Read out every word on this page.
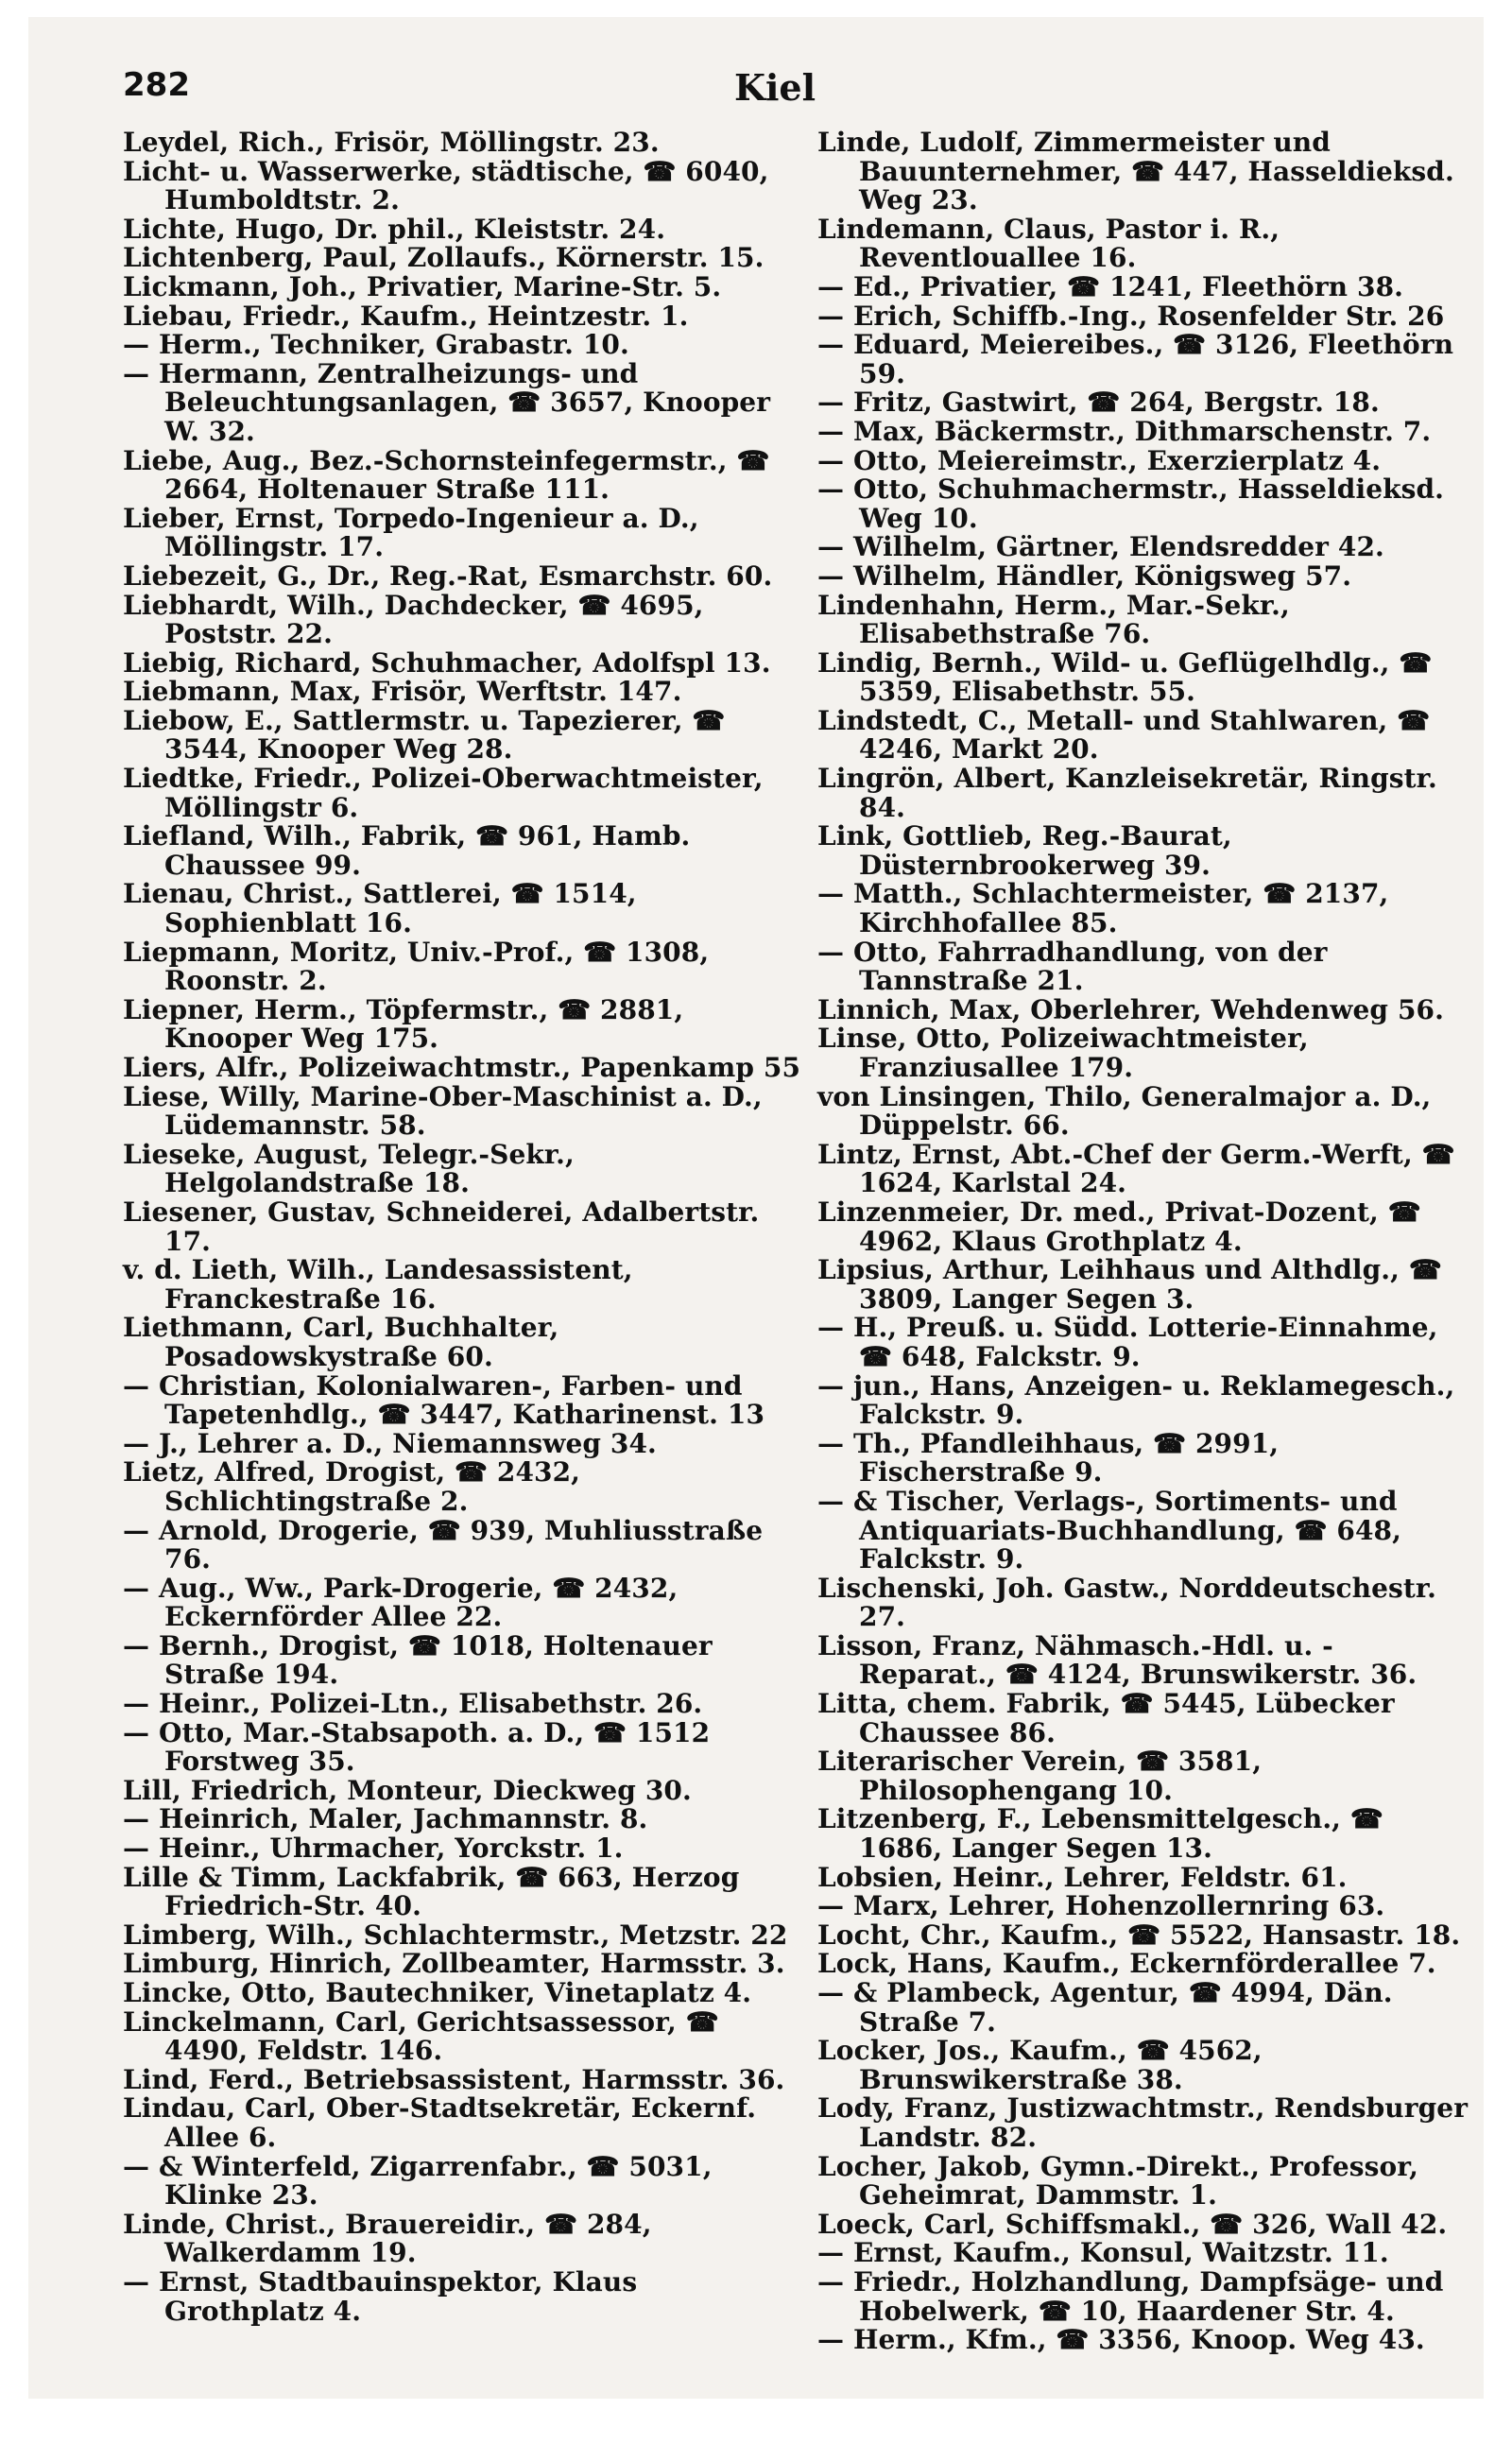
282	Kiel

Leydel, Rich., Frisör, Möllingstr. 23.

Licht- u. Wasserwerke, städtische, ☎ 6040, Humboldtstr. 2.

Lichte, Hugo, Dr. phil., Kleiststr. 24.

Lichtenberg, Paul, Zollaufs., Körnerstr. 15.

Lickmann, Joh., Privatier, Marine-Str. 5.

Liebau, Friedr., Kaufm., Heintzestr. 1.

— Herm., Techniker, Grabastr. 10.

— Hermann, Zentralheizungs- und Beleuchtungsanlagen, ☎ 3657, Knooper W. 32.

Liebe, Aug., Bez.-Schornsteinfegermstr., ☎ 2664, Holtenauer Straße 111.

Lieber, Ernst, Torpedo-Ingenieur a. D., Möllingstr. 17.

Liebezeit, G., Dr., Reg.-Rat, Esmarchstr. 60.

Liebhardt, Wilh., Dachdecker, ☎ 4695, Poststr. 22.

Liebig, Richard, Schuhmacher, Adolfspl 13.

Liebmann, Max, Frisör, Werftstr. 147.

Liebow, E., Sattlermstr. u. Tapezierer, ☎ 3544, Knooper Weg 28.

Liedtke, Friedr., Polizei-Oberwachtmeister, Möllingstr 6.

Liefland, Wilh., Fabrik, ☎ 961, Hamb. Chaussee 99.

Lienau, Christ., Sattlerei, ☎ 1514, Sophienblatt 16.

Liepmann, Moritz, Univ.-Prof., ☎ 1308, Roonstr. 2.

Liepner, Herm., Töpfermstr., ☎ 2881, Knooper Weg 175.

Liers, Alfr., Polizeiwachtmstr., Papenkamp 55

Liese, Willy, Marine-Ober-Maschinist a. D., Lüdemannstr. 58.

Lieseke, August, Telegr.-Sekr., Helgolandstraße 18.

Liesener, Gustav, Schneiderei, Adalbertstr. 17.

v. d. Lieth, Wilh., Landesassistent, Franckestraße 16.

Liethmann, Carl, Buchhalter, Posadowskystraße 60.

— Christian, Kolonialwaren-, Farben- und Tapetenhdlg., ☎ 3447, Katharinenst. 13

— J., Lehrer a. D., Niemannsweg 34.

Lietz, Alfred, Drogist, ☎ 2432, Schlichtingstraße 2.

— Arnold, Drogerie, ☎ 939, Muhliusstraße 76.

— Aug., Ww., Park-Drogerie, ☎ 2432, Eckernförder Allee 22.

— Bernh., Drogist, ☎ 1018, Holtenauer Straße 194.

— Heinr., Polizei-Ltn., Elisabethstr. 26.

— Otto, Mar.-Stabsapoth. a. D., ☎ 1512 Forstweg 35.

Lill, Friedrich, Monteur, Dieckweg 30.

— Heinrich, Maler, Jachmannstr. 8.

— Heinr., Uhrmacher, Yorckstr. 1.

Lille & Timm, Lackfabrik, ☎ 663, Herzog Friedrich-Str. 40.

Limberg, Wilh., Schlachtermstr., Metzstr. 22

Limburg, Hinrich, Zollbeamter, Harmsstr. 3.

Lincke, Otto, Bautechniker, Vinetaplatz 4.

Linckelmann, Carl, Gerichtsassessor, ☎ 4490, Feldstr. 146.

Lind, Ferd., Betriebsassistent, Harmsstr. 36.

Lindau, Carl, Ober-Stadtsekretär, Eckernf. Allee 6.

— & Winterfeld, Zigarrenfabr., ☎ 5031, Klinke 23.

Linde, Christ., Brauereidir., ☎ 284, Walkerdamm 19.

— Ernst, Stadtbauinspektor, Klaus Grothplatz 4.

Linde, Ludolf, Zimmermeister und Bauunternehmer, ☎ 447, Hasseldieksd. Weg 23.

Lindemann, Claus, Pastor i. R., Reventlouallee 16.

— Ed., Privatier, ☎ 1241, Fleethörn 38.

— Erich, Schiffb.-Ing., Rosenfelder Str. 26

— Eduard, Meiereibes., ☎ 3126, Fleethörn 59.

— Fritz, Gastwirt, ☎ 264, Bergstr. 18.

— Max, Bäckermstr., Dithmarschenstr. 7.

— Otto, Meiereimstr., Exerzierplatz 4.

— Otto, Schuhmachermstr., Hasseldieksd. Weg 10.

— Wilhelm, Gärtner, Elendsredder 42.

— Wilhelm, Händler, Königsweg 57.

Lindenhahn, Herm., Mar.-Sekr., Elisabethstraße 76.

Lindig, Bernh., Wild- u. Geflügelhdlg., ☎ 5359, Elisabethstr. 55.

Lindstedt, C., Metall- und Stahlwaren, ☎ 4246, Markt 20.

Lingrön, Albert, Kanzleisekretär, Ringstr. 84.

Link, Gottlieb, Reg.-Baurat, Düsternbrookerweg 39.

— Matth., Schlachtermeister, ☎ 2137, Kirchhofallee 85.

— Otto, Fahrradhandlung, von der Tannstraße 21.

Linnich, Max, Oberlehrer, Wehdenweg 56.

Linse, Otto, Polizeiwachtmeister, Franziusallee 179.

von Linsingen, Thilo, Generalmajor a. D., Düppelstr. 66.

Lintz, Ernst, Abt.-Chef der Germ.-Werft, ☎ 1624, Karlstal 24.

Linzenmeier, Dr. med., Privat-Dozent, ☎ 4962, Klaus Grothplatz 4.

Lipsius, Arthur, Leihhaus und Althdlg., ☎ 3809, Langer Segen 3.

— H., Preuß. u. Südd. Lotterie-Einnahme, ☎ 648, Falckstr. 9.

— jun., Hans, Anzeigen- u. Reklamegesch., Falckstr. 9.

— Th., Pfandleihhaus, ☎ 2991, Fischerstraße 9.

— & Tischer, Verlags-, Sortiments- und Antiquariats-Buchhandlung, ☎ 648, Falckstr. 9.

Lischenski, Joh. Gastw., Norddeutschestr. 27.

Lisson, Franz, Nähmasch.-Hdl. u. -Reparat., ☎ 4124, Brunswikerstr. 36.

Litta, chem. Fabrik, ☎ 5445, Lübecker Chaussee 86.

Literarischer Verein, ☎ 3581, Philosophengang 10.

Litzenberg, F., Lebensmittelgesch., ☎ 1686, Langer Segen 13.

Lobsien, Heinr., Lehrer, Feldstr. 61.

— Marx, Lehrer, Hohenzollernring 63.

Locht, Chr., Kaufm., ☎ 5522, Hansastr. 18.

Lock, Hans, Kaufm., Eckernförderallee 7.

— & Plambeck, Agentur, ☎ 4994, Dän. Straße 7.

Locker, Jos., Kaufm., ☎ 4562, Brunswikerstraße 38.

Lody, Franz, Justizwachtmstr., Rendsburger Landstr. 82.

Locher, Jakob, Gymn.-Direkt., Professor, Geheimrat, Dammstr. 1.

Loeck, Carl, Schiffsmakl., ☎ 326, Wall 42.

— Ernst, Kaufm., Konsul, Waitzstr. 11.

— Friedr., Holzhandlung, Dampfsäge- und Hobelwerk, ☎ 10, Haardener Str. 4.

— Herm., Kfm., ☎ 3356, Knoop. Weg 43.
